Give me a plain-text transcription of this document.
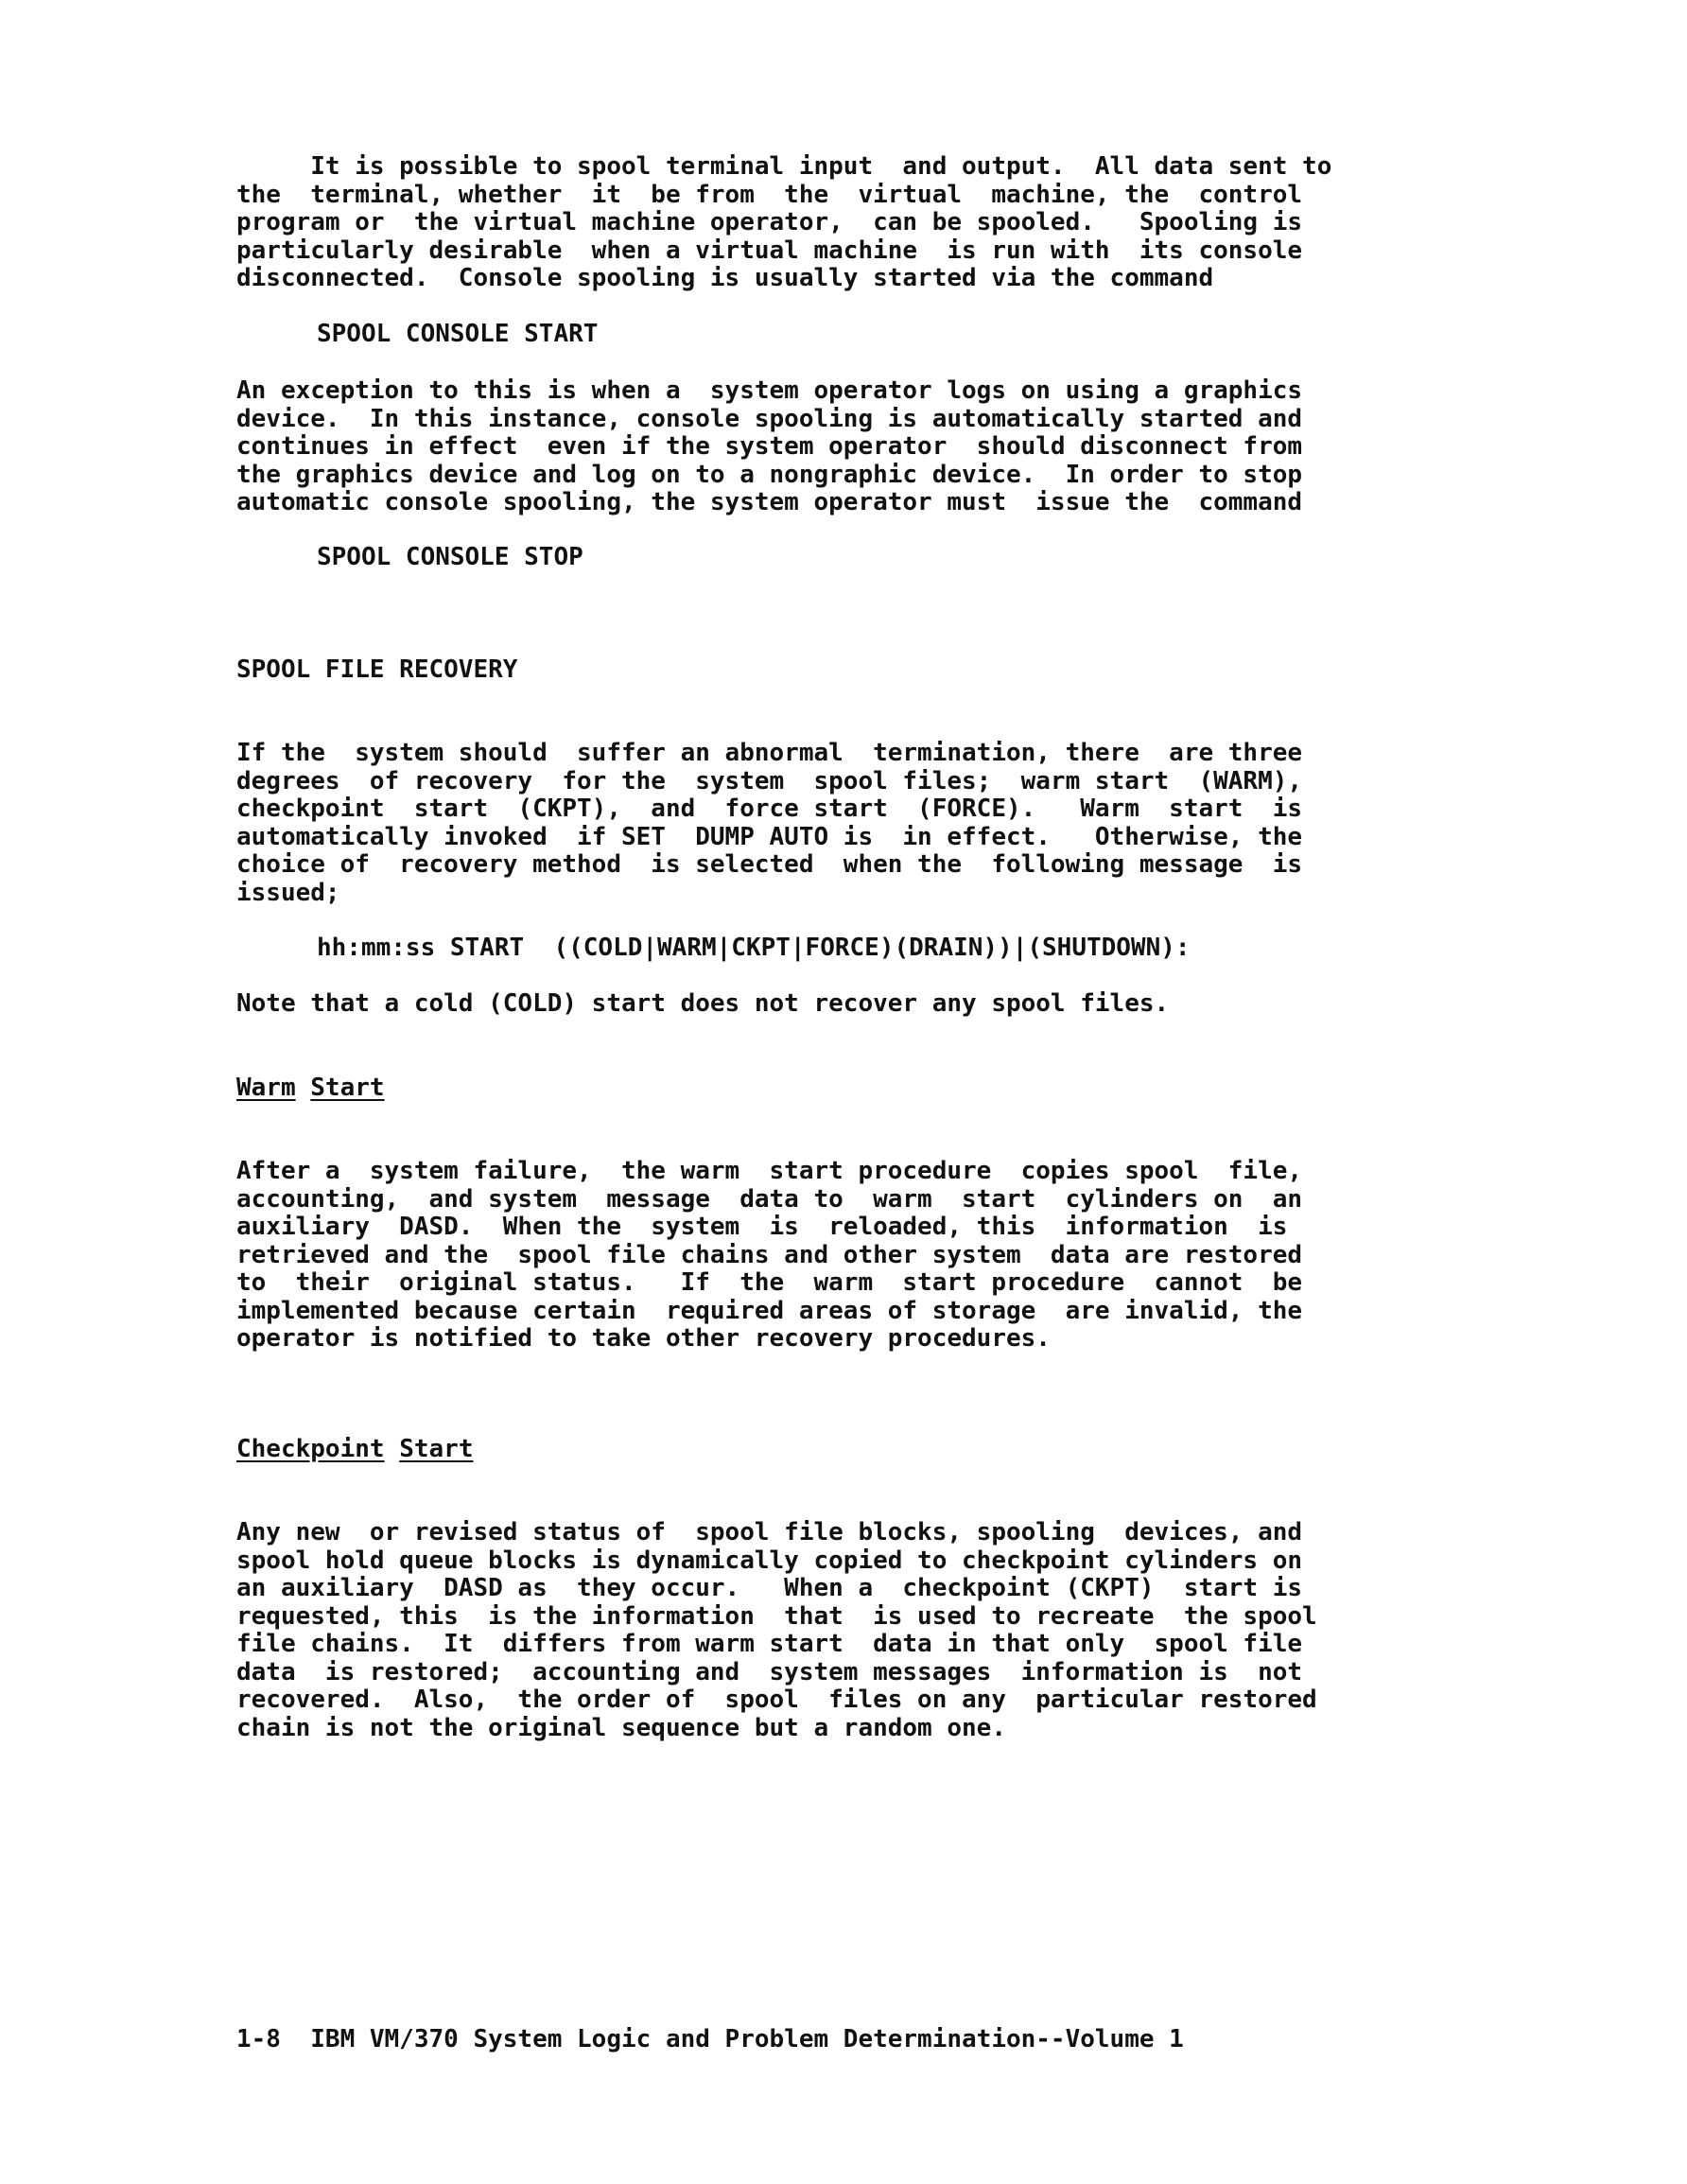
It is possible to spool terminal input  and output.  All data sent to
the  terminal, whether  it  be from  the  virtual  machine, the  control
program or  the virtual machine operator,  can be spooled.   Spooling is
particularly desirable  when a virtual machine  is run with  its console
disconnected.  Console spooling is usually started via the command

SPOOL CONSOLE START

An exception to this is when a  system operator logs on using a graphics
device.  In this instance, console spooling is automatically started and
continues in effect  even if the system operator  should disconnect from
the graphics device and log on to a nongraphic device.  In order to stop
automatic console spooling, the system operator must  issue the  command

SPOOL CONSOLE STOP

SPOOL FILE RECOVERY

If the  system should  suffer an abnormal  termination, there  are three
degrees  of recovery  for the  system  spool files;  warm start  (WARM),
checkpoint  start  (CKPT),  and  force start  (FORCE).   Warm  start  is
automatically invoked  if SET  DUMP AUTO is  in effect.   Otherwise, the
choice of  recovery method  is selected  when the  following message  is
issued;

hh:mm:ss START  ((COLD|WARM|CKPT|FORCE)(DRAIN))|(SHUTDOWN):

Note that a cold (COLD) start does not recover any spool files.

Warm Start

After a  system failure,  the warm  start procedure  copies spool  file,
accounting,  and system  message  data to  warm  start  cylinders on  an
auxiliary  DASD.  When the  system  is  reloaded, this  information  is
retrieved and the  spool file chains and other system  data are restored
to  their  original status.   If  the  warm  start procedure  cannot  be
implemented because certain  required areas of storage  are invalid, the
operator is notified to take other recovery procedures.

Checkpoint Start

Any new  or revised status of  spool file blocks, spooling  devices, and
spool hold queue blocks is dynamically copied to checkpoint cylinders on
an auxiliary  DASD as  they occur.   When a  checkpoint (CKPT)  start is
requested, this  is the information  that  is used to recreate  the spool
file chains.  It  differs from warm start  data in that only  spool file
data  is restored;  accounting and  system messages  information is  not
recovered.  Also,  the order of  spool  files on any  particular restored
chain is not the original sequence but a random one.

1-8  IBM VM/370 System Logic and Problem Determination--Volume 1
